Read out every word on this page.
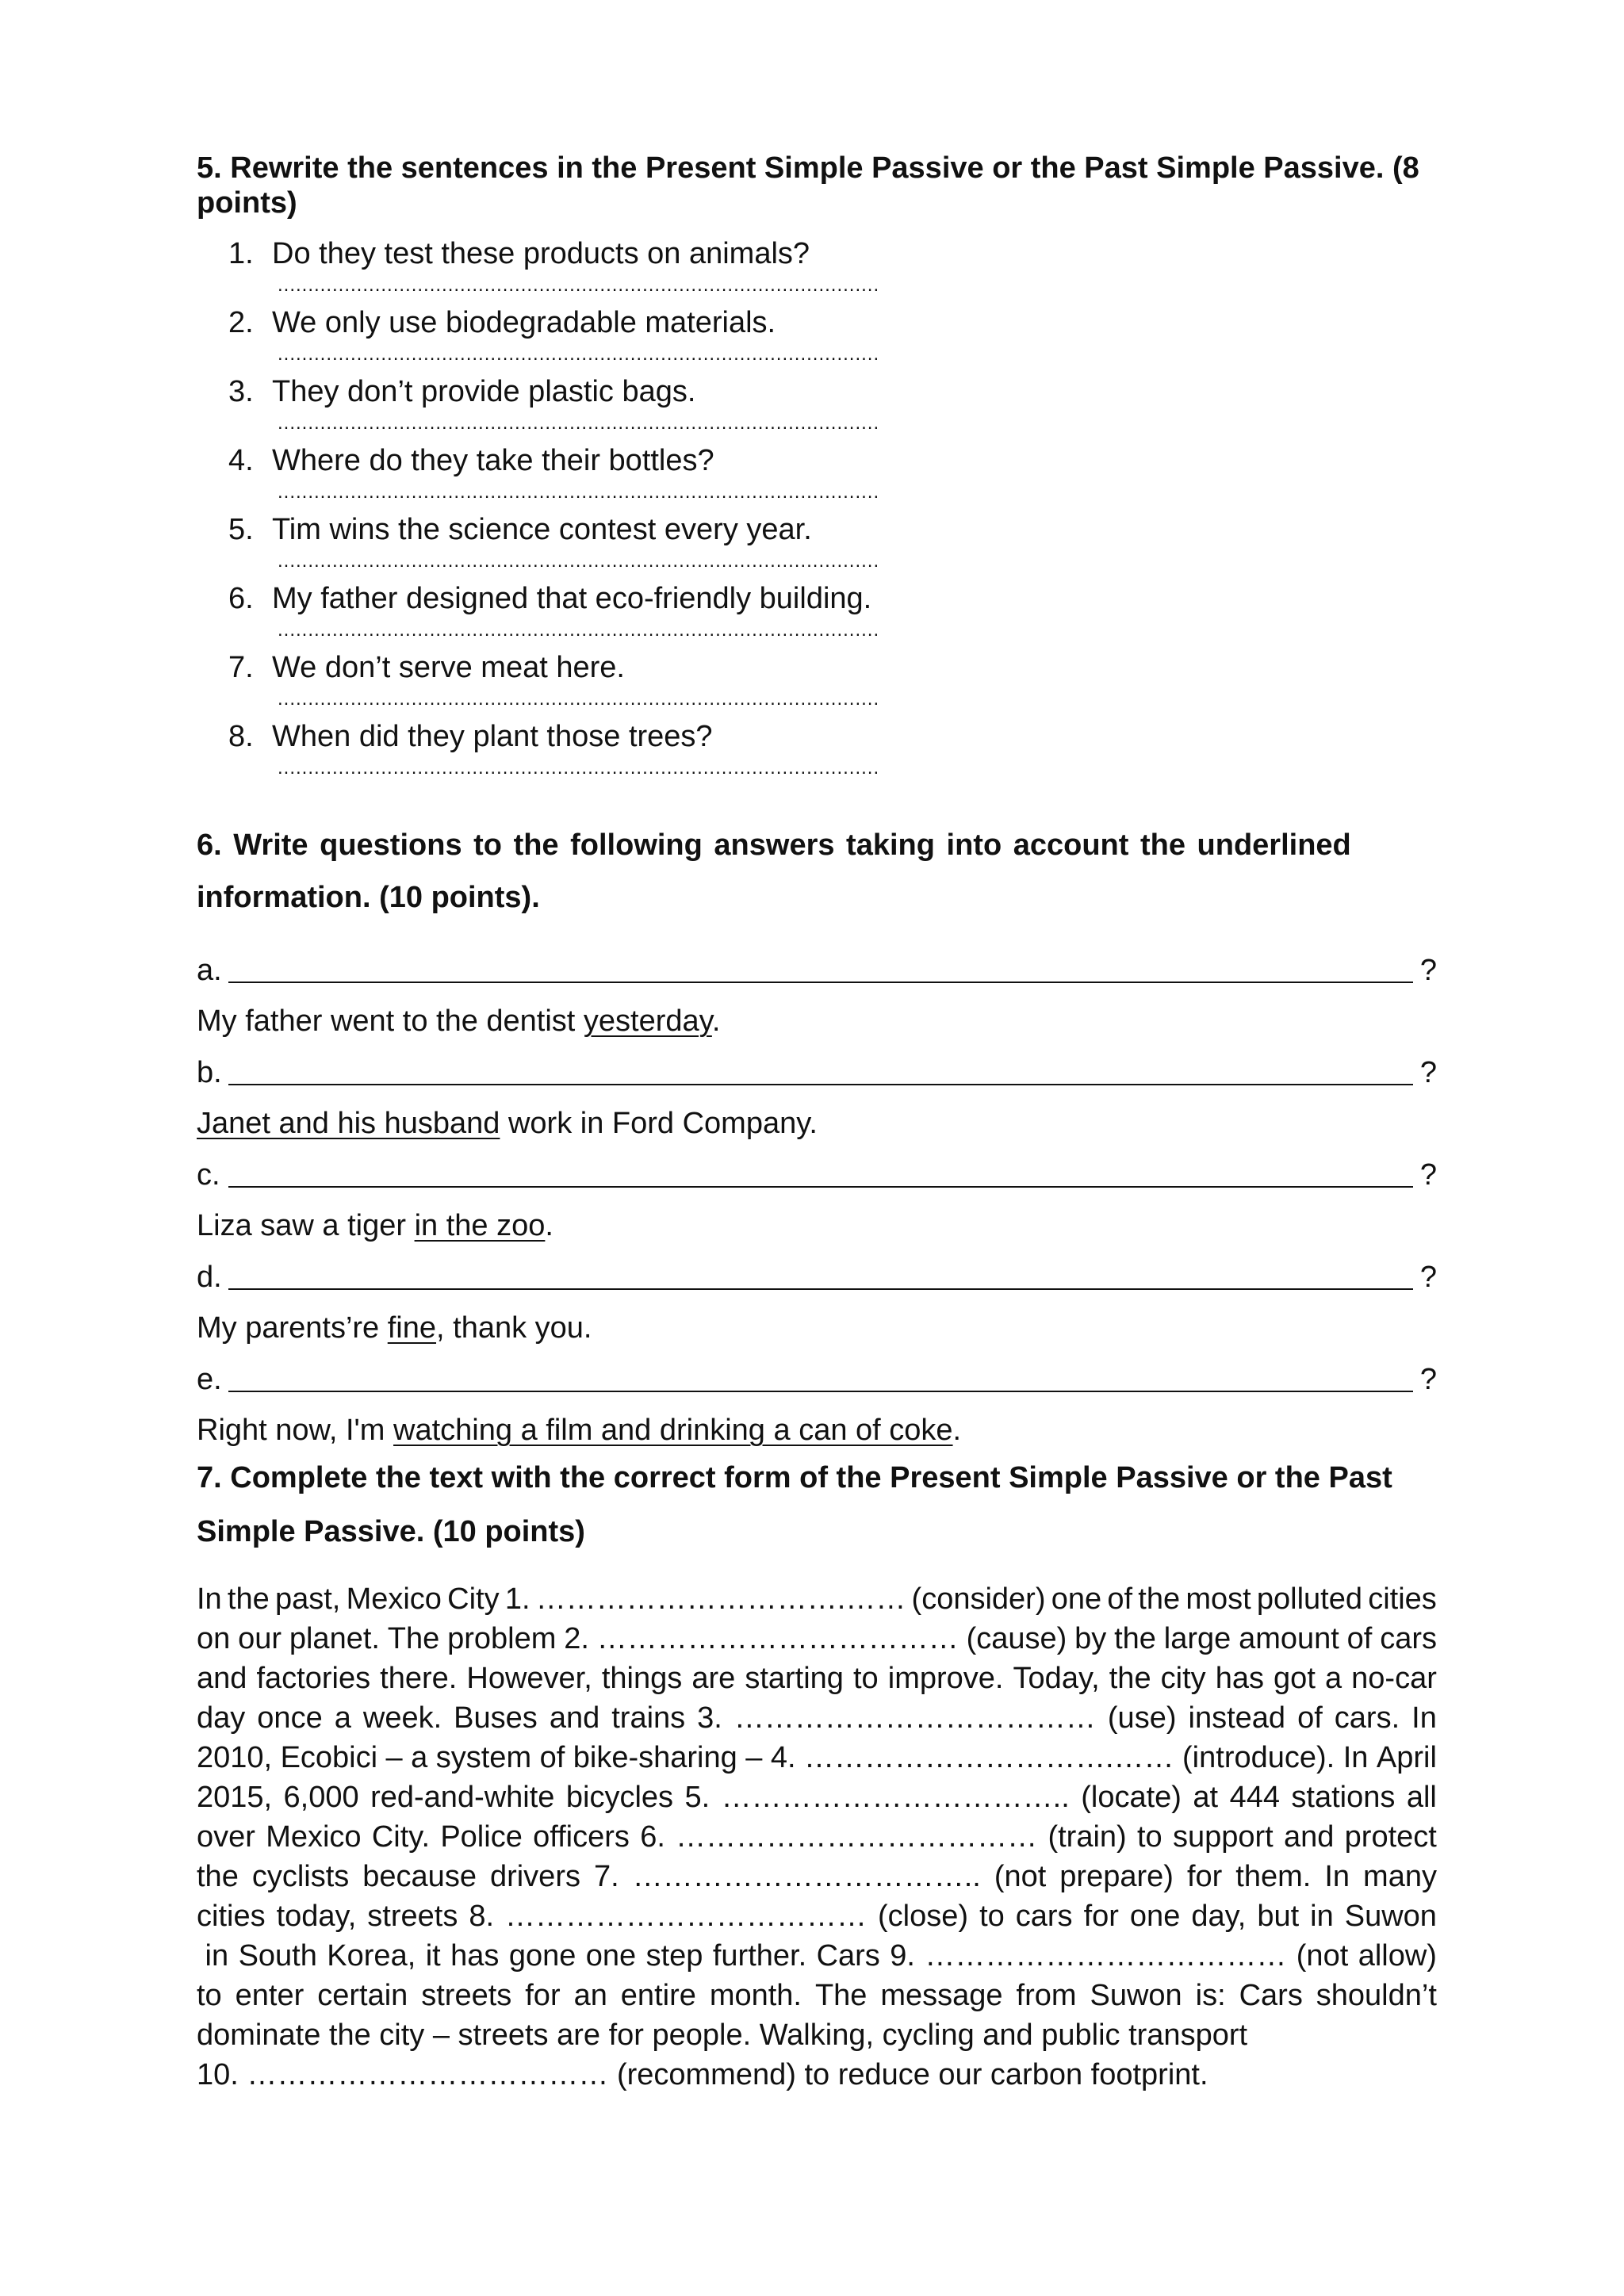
5. Rewrite the sentences in the Present Simple Passive or the Past Simple Passive. (8
points)
1. Do they test these products on animals?
...................................................................................................
2. We only use biodegradable materials.
...................................................................................................
3. They don’t provide plastic bags.
...................................................................................................
4. Where do they take their bottles?
...................................................................................................
5. Tim wins the science contest every year.
...................................................................................................
6. My father designed that eco-friendly building.
...................................................................................................
7. We don’t serve meat here.
...................................................................................................
8. When did they plant those trees?
...................................................................................................
6. Write questions to the following answers taking into account the underlined
information. (10 points).
a.	?
My father went to the dentist yesterday.
b.	?
Janet and his husband work in Ford Company.
c.	?
Liza saw a tiger in the zoo.
d.	?
My parents’re fine, thank you.
e.	?
Right now, I'm watching a film and drinking a can of coke.
7. Complete the text with the correct form of the Present Simple Passive or the Past
Simple Passive. (10 points)
In the past, Mexico City 1. ………………………….…… (consider) one of the most polluted cities
on our planet. The problem 2. ……………………………… (cause) by the large amount of cars
and factories there. However, things are starting to improve. Today, the city has got a no-car
day once a week. Buses and trains 3. ……………………………… (use) instead of cars. In
2010, Ecobici – a system of bike-sharing – 4. ………………………….…… (introduce). In April
2015, 6,000 red-and-white bicycles 5. …………………………….. (locate) at 444 stations all
over Mexico City. Police officers 6. ……………………………… (train) to support and protect
the cyclists because drivers 7. …………………………….. (not prepare) for them. In many
cities today, streets 8. ……………………………… (close) to cars for one day, but in Suwon
in South Korea, it has gone one step further. Cars 9. ……………………………… (not allow)
to enter certain streets for an entire month. The message from Suwon is: Cars shouldn’t
dominate the city – streets are for people. Walking, cycling and public transport
10. ……………………………… (recommend) to reduce our carbon footprint.
